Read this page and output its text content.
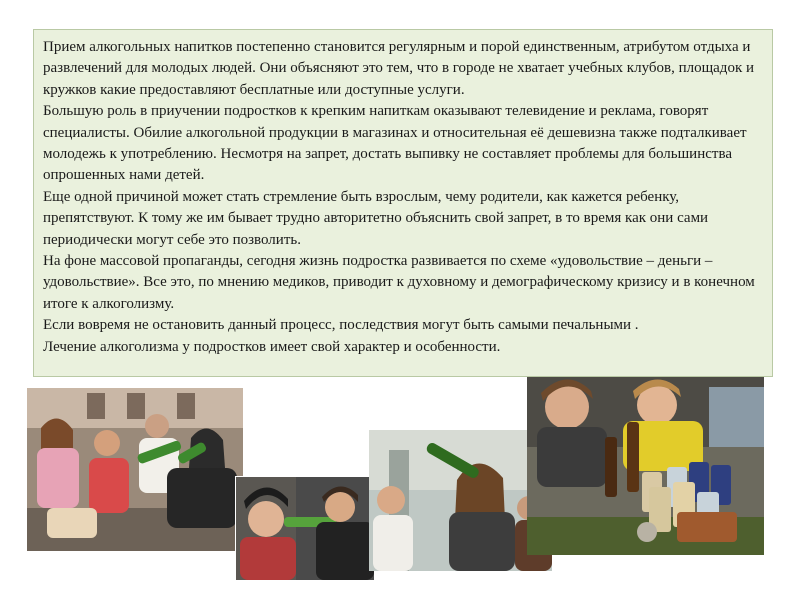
Прием алкогольных напитков постепенно становится регулярным и порой единственным, атрибутом отдыха и развлечений для молодых людей. Они объясняют это тем, что в городе не хватает учебных клубов, площадок и кружков какие предоставляют бесплатные или доступные услуги.

Большую роль в приучении подростков к крепким напиткам оказывают телевидение и реклама, говорят специалисты. Обилие алкогольной продукции в магазинах и относительная её дешевизна также подталкивает молодежь к употреблению. Несмотря на запрет, достать выпивку не составляет проблемы для большинства опрошенных нами детей.

Еще одной причиной может стать стремление быть взрослым, чему родители, как кажется ребенку, препятствуют. К тому же им бывает трудно авторитетно объяснить свой запрет, в то время как они сами периодически могут себе это позволить.

На фоне массовой пропаганды, сегодня жизнь подростка развивается по схеме «удовольствие – деньги – удовольствие». Все это, по мнению медиков, приводит к духовному и демографическому кризису и в конечном итоге к алкоголизму.

Если вовремя не остановить данный процесс, последствия могут быть самыми печальными .

Лечение алкоголизма у подростков имеет свой характер и особенности.
